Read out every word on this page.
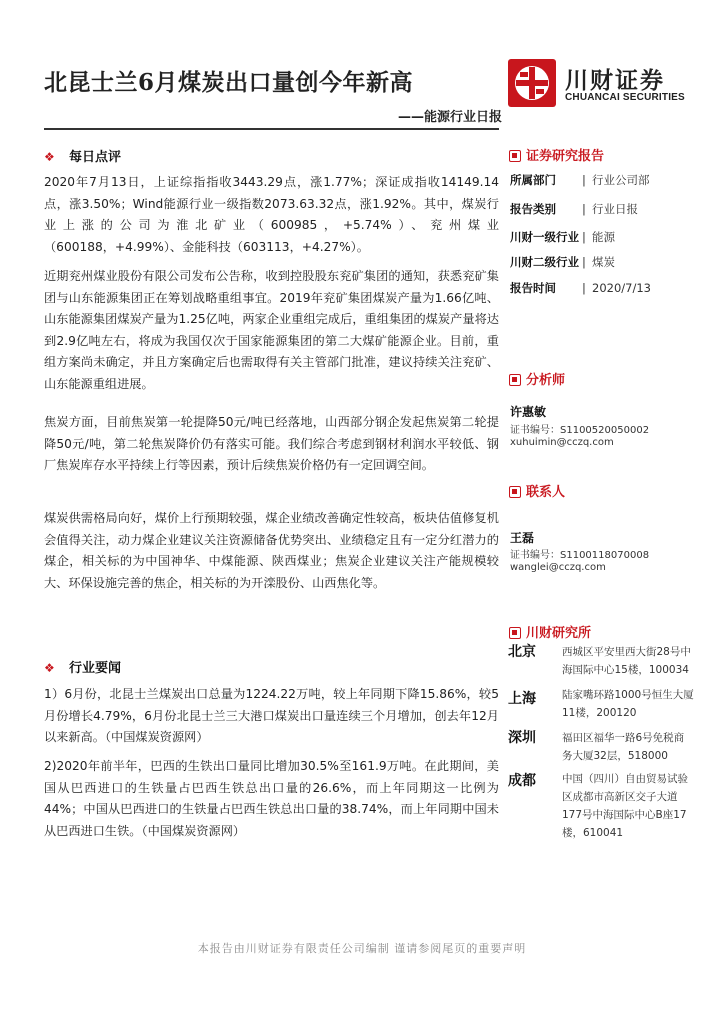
北昆士兰6月煤炭出口量创今年新高
——能源行业日报
川财证券
CHUANCAI SECURITIES
❖ 每日点评

2020年7月13日，上证综指指收3443.29点，涨1.77%；深证成指收14149.14点，涨3.50%；Wind能源行业一级指数2073.63.32点，涨1.92%。其中，煤炭行业上涨的公司为淮北矿业（600985，+5.74%）、兖州煤业（600188，+4.99%）、金能科技（603113，+4.27%）。

近期兖州煤业股份有限公司发布公告称，收到控股股东兖矿集团的通知，获悉兖矿集团与山东能源集团正在筹划战略重组事宜。2019年兖矿集团煤炭产量为1.66亿吨、山东能源集团煤炭产量为1.25亿吨，两家企业重组完成后，重组集团的煤炭产量将达到2.9亿吨左右，将成为我国仅次于国家能源集团的第二大煤矿能源企业。目前，重组方案尚未确定，并且方案确定后也需取得有关主管部门批准，建议持续关注兖矿、山东能源重组进展。

焦炭方面，目前焦炭第一轮提降50元/吨已经落地，山西部分钢企发起焦炭第二轮提降50元/吨，第二轮焦炭降价仍有落实可能。我们综合考虑到钢材利润水平较低、钢厂焦炭库存水平持续上行等因素，预计后续焦炭价格仍有一定回调空间。

煤炭供需格局向好，煤价上行预期较强，煤企业绩改善确定性较高，板块估值修复机会值得关注，动力煤企业建议关注资源储备优势突出、业绩稳定且有一定分红潜力的煤企，相关标的为中国神华、中煤能源、陕西煤业；焦炭企业建议关注产能规模较大、环保设施完善的焦企，相关标的为开滦股份、山西焦化等。

❖ 行业要闻

1）6月份，北昆士兰煤炭出口总量为1224.22万吨，较上年同期下降15.86%，较5月份增长4.79%，6月份北昆士兰三大港口煤炭出口量连续三个月增加，创去年12月以来新高。（中国煤炭资源网）

2)2020年前半年，巴西的生铁出口量同比增加30.5%至161.9万吨。在此期间，美国从巴西进口的生铁量占巴西生铁总出口量的26.6%，而上年同期这一比例为44%；中国从巴西进口的生铁量占巴西生铁总出口量的38.74%，而上年同期中国未从巴西进口生铁。（中国煤炭资源网）

证券研究报告
所属部门 | 行业公司部
报告类别 | 行业日报
川财一级行业 | 能源
川财二级行业 | 煤炭
报告时间 | 2020/7/13
分析师
许惠敏
证书编号：S1100520050002
xuhuimin@cczq.com
联系人
王磊
证书编号：S1100118070008
wanglei@cczq.com
川财研究所
北京 西城区平安里西大街28号中
海国际中心15楼，100034
上海 陆家嘴环路1000号恒生大厦
11楼，200120
深圳 福田区福华一路6号免税商
务大厦32层，518000
成都 中国（四川）自由贸易试验
区成都市高新区交子大道
177号中海国际中心B座17
楼，610041
本报告由川财证券有限责任公司编制 谨请参阅尾页的重要声明
